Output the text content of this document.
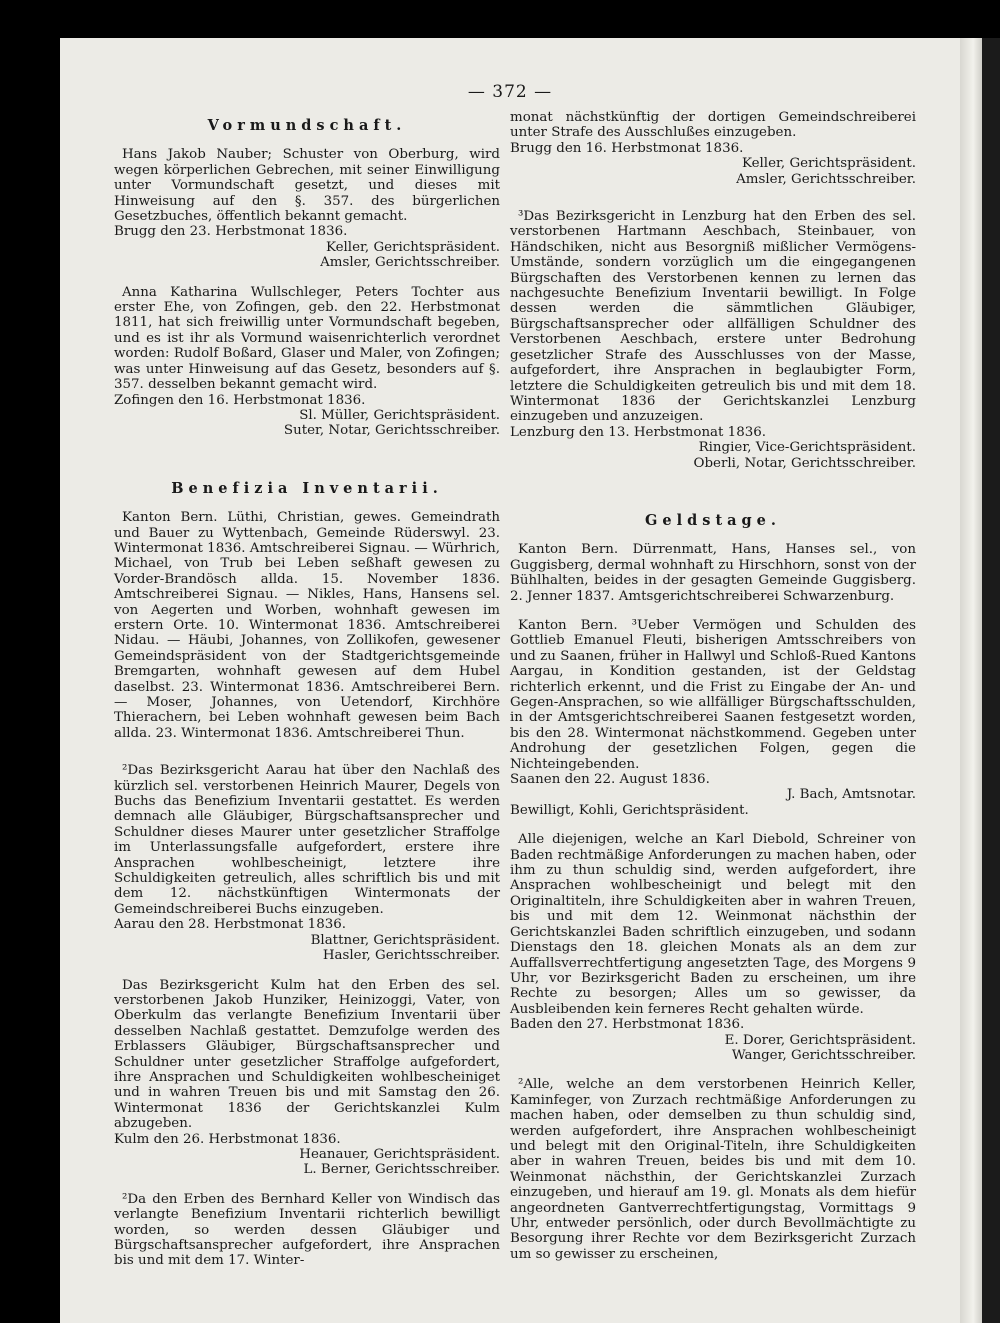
— 372 —
Vormundschaft.

Hans Jakob Nauber; Schuster von Oberburg, wird wegen körperlichen Gebrechen, mit seiner Einwilligung unter Vormundschaft gesetzt, und dieses mit Hinweisung auf den §. 357. des bürgerlichen Gesetzbuches, öffentlich bekannt gemacht.

Brugg den 23. Herbstmonat 1836.

Keller, Gerichtspräsident.

Amsler, Gerichtsschreiber.

Anna Katharina Wullschleger, Peters Tochter aus erster Ehe, von Zofingen, geb. den 22. Herbstmonat 1811, hat sich freiwillig unter Vormundschaft begeben, und es ist ihr als Vormund waisenrichterlich verordnet worden: Rudolf Boßard, Glaser und Maler, von Zofingen; was unter Hinweisung auf das Gesetz, besonders auf §. 357. desselben bekannt gemacht wird.

Zofingen den 16. Herbstmonat 1836.

Sl. Müller, Gerichtspräsident.

Suter, Notar, Gerichtsschreiber.

Benefizia Inventarii.

Kanton Bern. Lüthi, Christian, gewes. Gemeindrath und Bauer zu Wyttenbach, Gemeinde Rüderswyl. 23. Wintermonat 1836. Amtschreiberei Signau. — Würhrich, Michael, von Trub bei Leben seßhaft gewesen zu Vorder-Brandösch allda. 15. November 1836. Amtschreiberei Signau. — Nikles, Hans, Hansens sel. von Aegerten und Worben, wohnhaft gewesen im erstern Orte. 10. Wintermonat 1836. Amtschreiberei Nidau. — Häubi, Johannes, von Zollikofen, gewesener Gemeindspräsident von der Stadtgerichtsgemeinde Bremgarten, wohnhaft gewesen auf dem Hubel daselbst. 23. Wintermonat 1836. Amtschreiberei Bern. — Moser, Johannes, von Uetendorf, Kirchhöre Thierachern, bei Leben wohnhaft gewesen beim Bach allda. 23. Wintermonat 1836. Amtschreiberei Thun.

²Das Bezirksgericht Aarau hat über den Nachlaß des kürzlich sel. verstorbenen Heinrich Maurer, Degels von Buchs das Benefizium Inventarii gestattet. Es werden demnach alle Gläubiger, Bürgschaftsansprecher und Schuldner dieses Maurer unter gesetzlicher Straffolge im Unterlassungsfalle aufgefordert, erstere ihre Ansprachen wohlbescheinigt, letztere ihre Schuldigkeiten getreulich, alles schriftlich bis und mit dem 12. nächstkünftigen Wintermonats der Gemeindschreiberei Buchs einzugeben.

Aarau den 28. Herbstmonat 1836.

Blattner, Gerichtspräsident.

Hasler, Gerichtsschreiber.

Das Bezirksgericht Kulm hat den Erben des sel. verstorbenen Jakob Hunziker, Heinizoggi, Vater, von Oberkulm das verlangte Benefizium Inventarii über desselben Nachlaß gestattet. Demzufolge werden des Erblassers Gläubiger, Bürgschaftsansprecher und Schuldner unter gesetzlicher Straffolge aufgefordert, ihre Ansprachen und Schuldigkeiten wohlbescheiniget und in wahren Treuen bis und mit Samstag den 26. Wintermonat 1836 der Gerichtskanzlei Kulm abzugeben.

Kulm den 26. Herbstmonat 1836.

Heanauer, Gerichtspräsident.

L. Berner, Gerichtsschreiber.

²Da den Erben des Bernhard Keller von Windisch das verlangte Benefizium Inventarii richterlich bewilligt worden, so werden dessen Gläubiger und Bürgschaftsansprecher aufgefordert, ihre Ansprachen bis und mit dem 17. Winter-

monat nächstkünftig der dortigen Gemeindschreiberei unter Strafe des Ausschlußes einzugeben.

Brugg den 16. Herbstmonat 1836.

Keller, Gerichtspräsident.

Amsler, Gerichtsschreiber.

³Das Bezirksgericht in Lenzburg hat den Erben des sel. verstorbenen Hartmann Aeschbach, Steinbauer, von Händschiken, nicht aus Besorgniß mißlicher Vermögens-Umstände, sondern vorzüglich um die eingegangenen Bürgschaften des Verstorbenen kennen zu lernen das nachgesuchte Benefizium Inventarii bewilligt. In Folge dessen werden die sämmtlichen Gläubiger, Bürgschaftsansprecher oder allfälligen Schuldner des Verstorbenen Aeschbach, erstere unter Bedrohung gesetzlicher Strafe des Ausschlusses von der Masse, aufgefordert, ihre Ansprachen in beglaubigter Form, letztere die Schuldigkeiten getreulich bis und mit dem 18. Wintermonat 1836 der Gerichtskanzlei Lenzburg einzugeben und anzuzeigen.

Lenzburg den 13. Herbstmonat 1836.

Ringier, Vice-Gerichtspräsident.

Oberli, Notar, Gerichtsschreiber.

Geldstage.

Kanton Bern. Dürrenmatt, Hans, Hanses sel., von Guggisberg, dermal wohnhaft zu Hirschhorn, sonst von der Bühlhalten, beides in der gesagten Gemeinde Guggisberg. 2. Jenner 1837. Amtsgerichtschreiberei Schwarzenburg.

Kanton Bern. ³Ueber Vermögen und Schulden des Gottlieb Emanuel Fleuti, bisherigen Amtsschreibers von und zu Saanen, früher in Hallwyl und Schloß-Rued Kantons Aargau, in Kondition gestanden, ist der Geldstag richterlich erkennt, und die Frist zu Eingabe der An- und Gegen-Ansprachen, so wie allfälliger Bürgschaftsschulden, in der Amtsgerichtschreiberei Saanen festgesetzt worden, bis den 28. Wintermonat nächstkommend. Gegeben unter Androhung der gesetzlichen Folgen, gegen die Nichteingebenden.

Saanen den 22. August 1836.

J. Bach, Amtsnotar.

Bewilligt, Kohli, Gerichtspräsident.

Alle diejenigen, welche an Karl Diebold, Schreiner von Baden rechtmäßige Anforderungen zu machen haben, oder ihm zu thun schuldig sind, werden aufgefordert, ihre Ansprachen wohlbescheinigt und belegt mit den Originaltiteln, ihre Schuldigkeiten aber in wahren Treuen, bis und mit dem 12. Weinmonat nächsthin der Gerichtskanzlei Baden schriftlich einzugeben, und sodann Dienstags den 18. gleichen Monats als an dem zur Auffallsverrechtfertigung angesetzten Tage, des Morgens 9 Uhr, vor Bezirksgericht Baden zu erscheinen, um ihre Rechte zu besorgen; Alles um so gewisser, da Ausbleibenden kein ferneres Recht gehalten würde.

Baden den 27. Herbstmonat 1836.

E. Dorer, Gerichtspräsident.

Wanger, Gerichtsschreiber.

²Alle, welche an dem verstorbenen Heinrich Keller, Kaminfeger, von Zurzach rechtmäßige Anforderungen zu machen haben, oder demselben zu thun schuldig sind, werden aufgefordert, ihre Ansprachen wohlbescheinigt und belegt mit den Original-Titeln, ihre Schuldigkeiten aber in wahren Treuen, beides bis und mit dem 10. Weinmonat nächsthin, der Gerichtskanzlei Zurzach einzugeben, und hierauf am 19. gl. Monats als dem hiefür angeordneten Gantverrechtfertigungstag, Vormittags 9 Uhr, entweder persönlich, oder durch Bevollmächtigte zu Besorgung ihrer Rechte vor dem Bezirksgericht Zurzach um so gewisser zu erscheinen,
